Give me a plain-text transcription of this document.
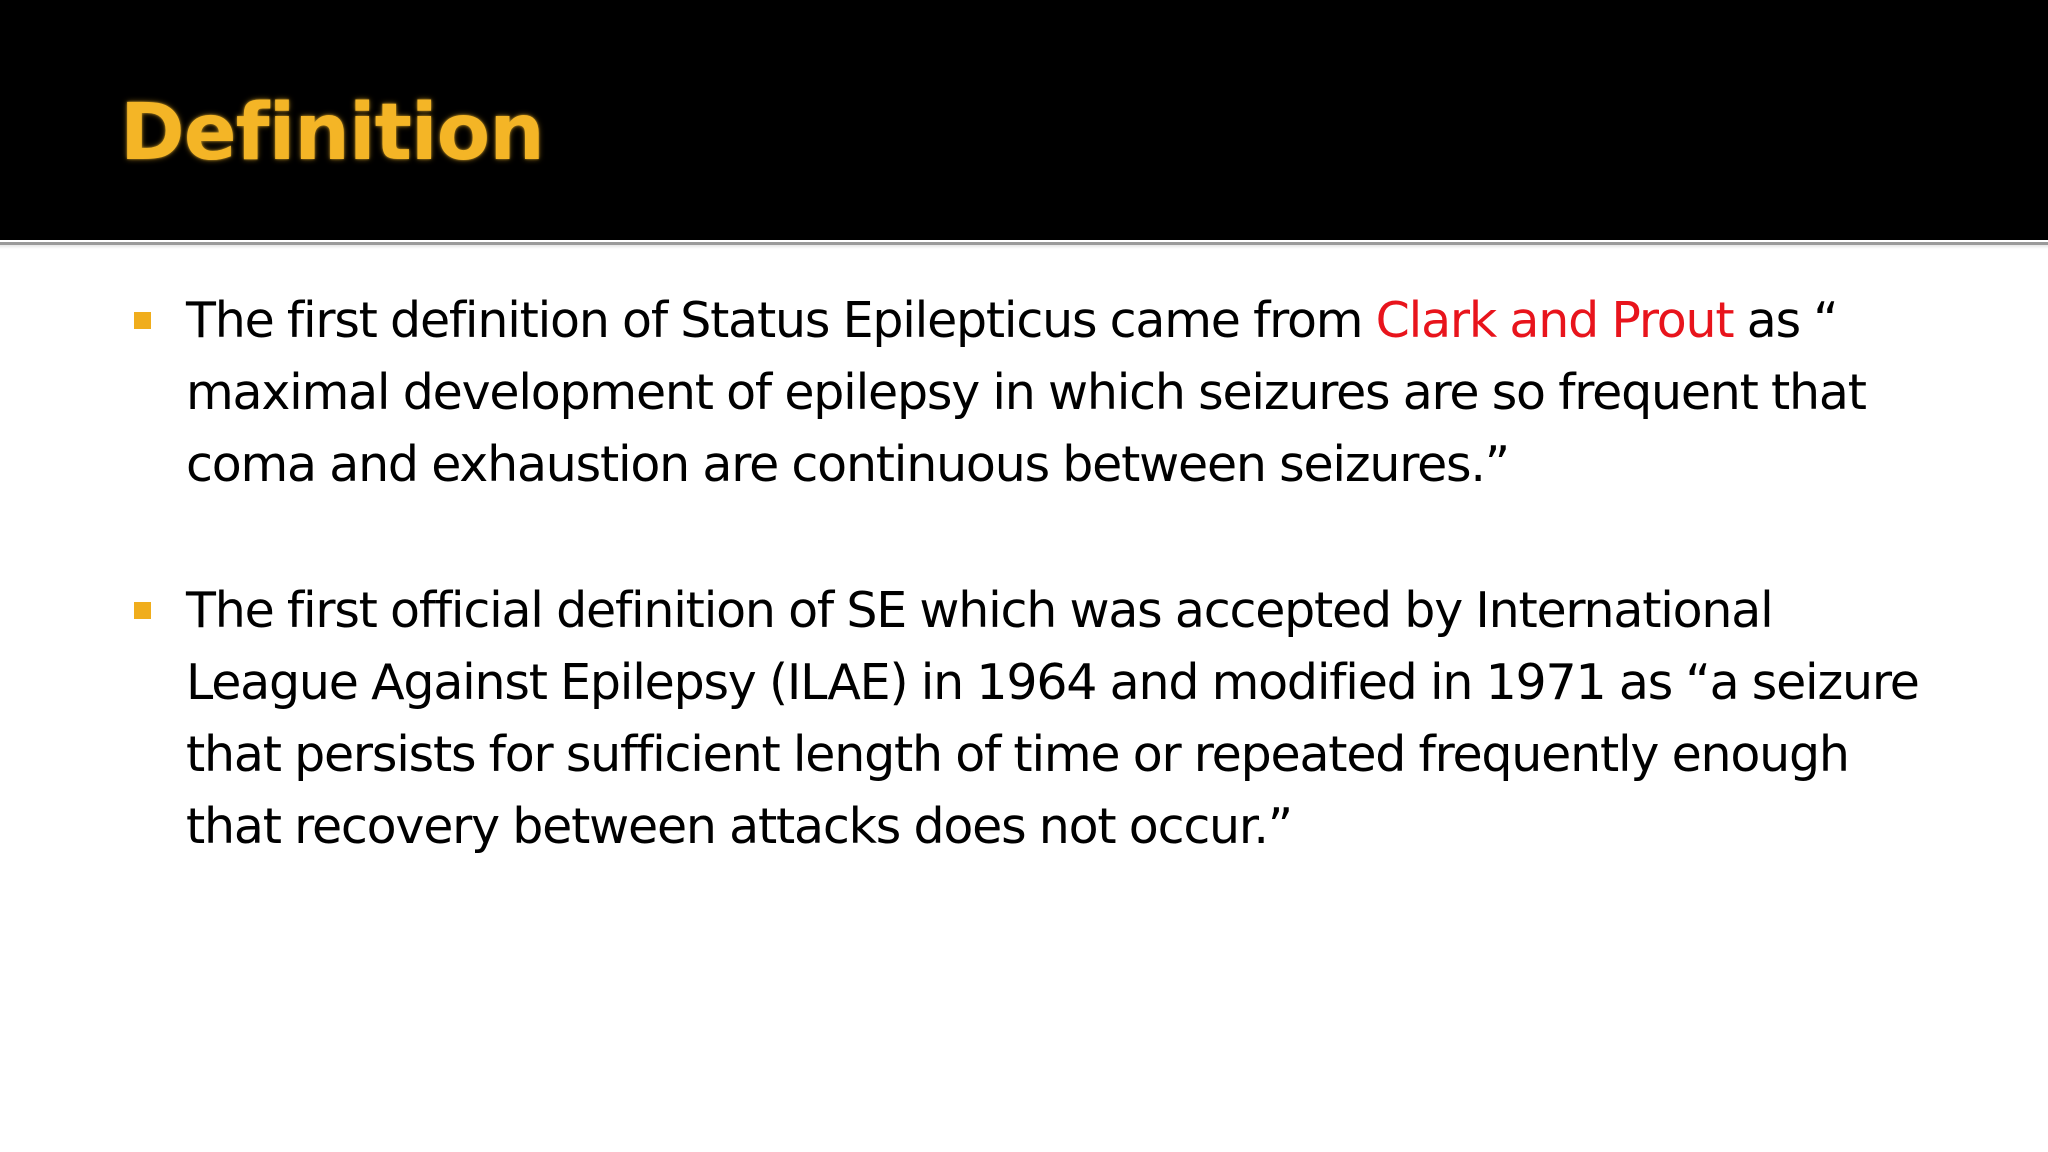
Definition
The first definition of Status Epilepticus came from Clark and Prout as “ maximal development of epilepsy in which seizures are so frequent that coma and exhaustion are continuous between seizures.”
The first official definition of SE which was accepted by International League Against Epilepsy (ILAE) in 1964 and modified in 1971 as “a seizure that persists for sufficient length of time or repeated frequently enough that recovery between attacks does not occur.”
